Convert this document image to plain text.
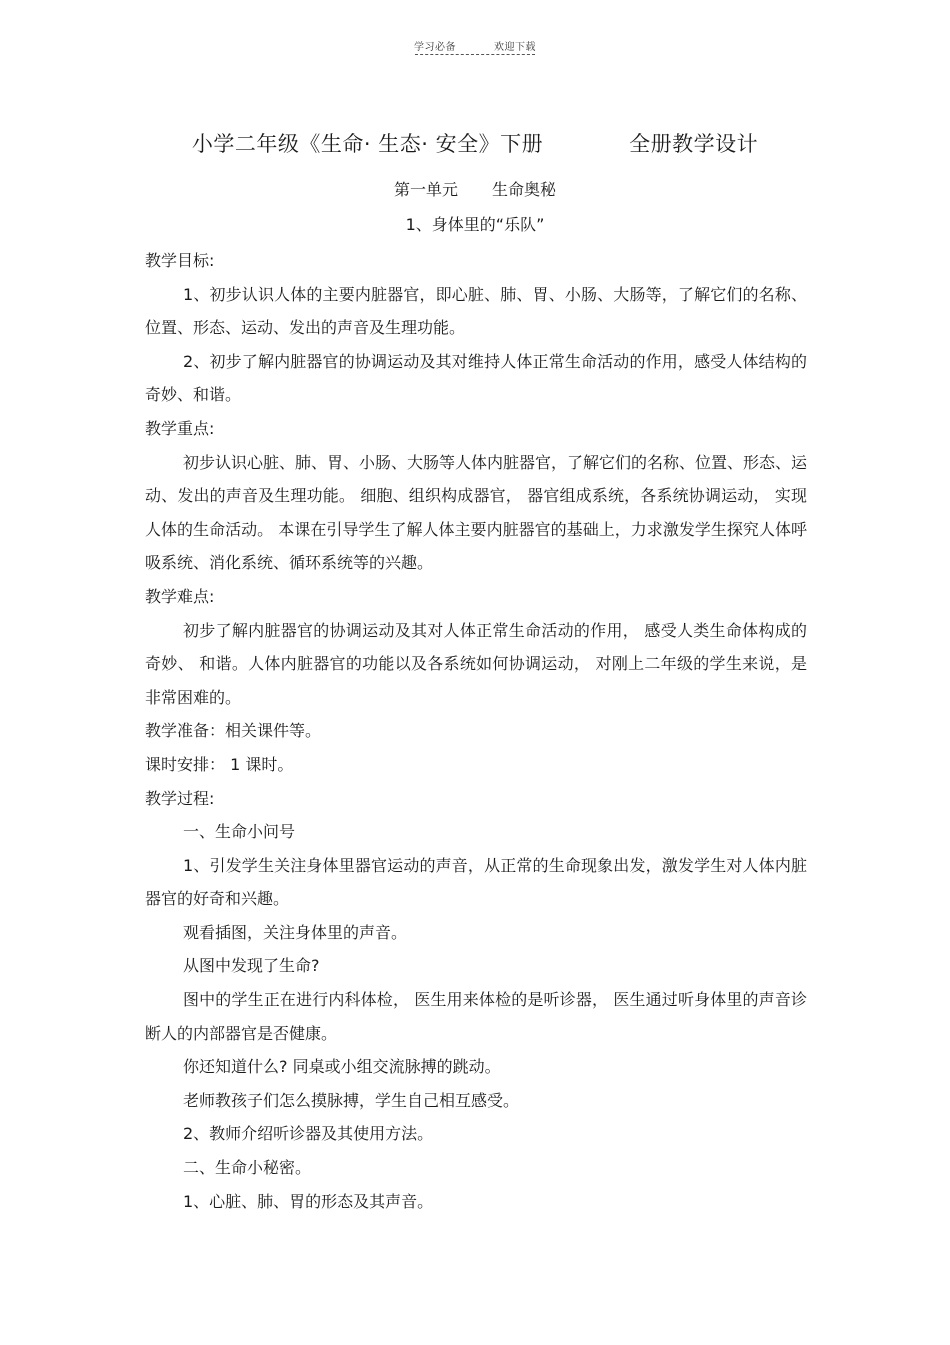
学习必备	欢迎下载
小学二年级《生命· 生态· 安全》下册	全册教学设计
第一单元 生命奥秘
1、身体里的“乐队”

教学目标:

1、初步认识人体的主要内脏器官，即心脏、肺、胃、小肠、大肠等，了解它们的名称、位置、形态、运动、发出的声音及生理功能。

2、初步了解内脏器官的协调运动及其对维持人体正常生命活动的作用，感受人体结构的奇妙、和谐。

教学重点:

初步认识心脏、肺、胃、小肠、大肠等人体内脏器官，了解它们的名称、位置、形态、运动、发出的声音及生理功能。 细胞、组织构成器官， 器官组成系统，各系统协调运动， 实现人体的生命活动。 本课在引导学生了解人体主要内脏器官的基础上，力求激发学生探究人体呼吸系统、消化系统、循环系统等的兴趣。

教学难点:

初步了解内脏器官的协调运动及其对人体正常生命活动的作用， 感受人类生命体构成的奇妙、 和谐。人体内脏器官的功能以及各系统如何协调运动， 对刚上二年级的学生来说，是非常困难的。

教学准备：相关课件等。

课时安排： 1 课时。

教学过程:

一、生命小问号

1、引发学生关注身体里器官运动的声音，从正常的生命现象出发，激发学生对人体内脏器官的好奇和兴趣。

观看插图，关注身体里的声音。

从图中发现了生命?

图中的学生正在进行内科体检， 医生用来体检的是听诊器， 医生通过听身体里的声音诊断人的内部器官是否健康。

你还知道什么? 同桌或小组交流脉搏的跳动。

老师教孩子们怎么摸脉搏，学生自己相互感受。

2、教师介绍听诊器及其使用方法。

二、生命小秘密。

1、心脏、肺、胃的形态及其声音。
